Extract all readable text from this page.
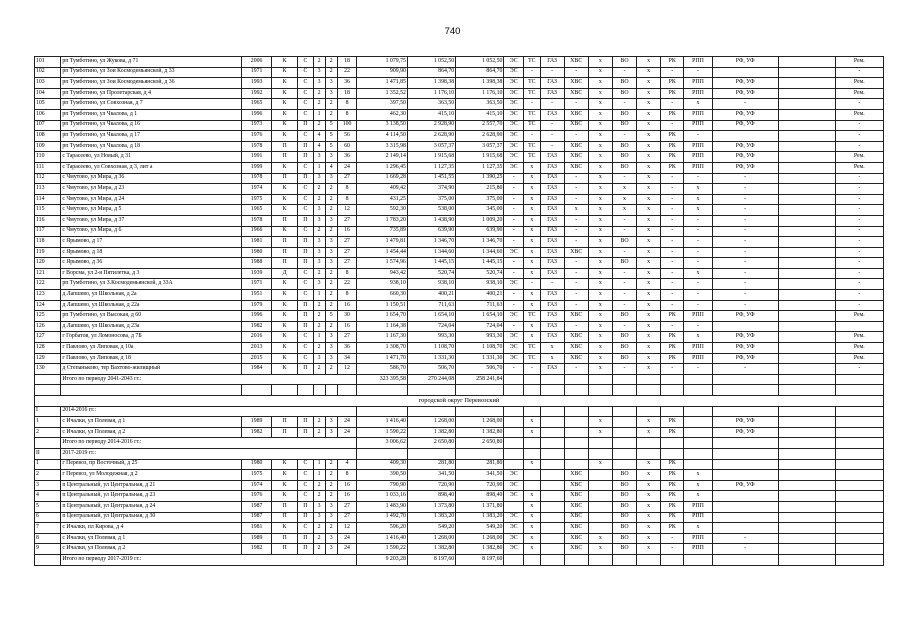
740
101	рп Тумботино, ул Жукова, д 71	2006	К	С	2	2	18	1 079,75	1 052,50	1 052,50	ЭС	ТС	ГАЗ	ХВС	х	ВО	х	РК	РПП	РФ, УФ		Рем.
102	рп Тумботино, ул Зои Космодемьянской, д 33	1971	К	С	3	2	22	909,90	864,70	864,70	ЭС	-	-	-	х	-	х	-	-			-
103	рп Тумботино, ул Зои Космодемьянской, д 36	1993	К	С	3	3	36	1 471,85	1 398,38	1 398,38	ЭС	ТС	ГАЗ	ХВС	х	ВО	х	РК	РПП	РФ, УФ		Рем.
104	рп Тумботино, ул Пролетарская, д 4	1992	К	С	2	3	18	1 352,52	1 176,10	1 176,10	ЭС	ТС	ГАЗ	ХВС	х	ВО	х	РК	РПП	РФ, УФ		Рем.
105	рп Тумботино, ул Совхозная, д 7	1965	К	С	2	2	8	397,50	363,50	363,50	ЭС	-	-	-	х	-	х	-	х	-		-
106	рп Тумботино, ул Чкалова, д 1	1996	К	С	1	2	8	462,30	415,10	415,10	ЭС	ТС	ГАЗ	ХВС	х	ВО	х	РК	РПП	РФ, УФ		Рем.
107	рп Тумботино, ул Чкалова, д 16	1973	К	П	2	5	100	3 138,50	2 928,90	2 557,70	ЭС	ТС	-	ХВС	х	ВО	х	-	РПП	РФ, УФ		-
108	рп Тумботино, ул Чкалова, д 17	1976	К	С	4	5	56	4 114,50	2 628,90	2 628,90	ЭС	-	-	-	х	-	х	РК	-			-
109	рп Тумботино, ул Чкалова, д 18	1978	П	П	4	5	60	3 315,98	3 057,37	3 057,37	ЭС	ТС	-	ХВС	х	ВО	х	РК	РПП	РФ, УФ		-
110	с Тарасеево, ул Новый, д 31	1991	П	П	3	3	36	2 149,14	1 915,68	1 915,68	ЭС	ТС	ГАЗ	ХВС	х	ВО	х	РК	РПП	РФ, УФ		Рем.
111	с Тарасеево, ул Совхозная, д 3, лит а	1999	К	С	1	4	24	1 296,45	1 127,35	1 127,35	ЭС	х	ГАЗ	ХВС	х	ВО	х	РК	РПП	РФ, УФ		Рем.
112	с Чмутово, ул Мира, д 36	1978	П	П	3	3	27	1 669,28	1 451,55	1 390,25	-	х	ГАЗ	-	х	-	х	-	-	-		-
113	с Чмутово, ул Мира, д 23	1974	К	С	2	2	8	409,42	374,90	215,80	-	х	ГАЗ	-	х	х	х	-	х	-		-
114	с Чмутово, ул Мира, д 24	1975	К	С	2	2	8	431,25	375,00	375,00	-	х	ГАЗ	-	х	х	х	-	х	-		-
115	с Чмутово, ул Мира, д 5	1965	К	С	3	2	12	592,30	538,00	345,00	-	х	ГАЗ	х	х	х	х	-	х	-		-
116	с Чмутово, ул Мира, д 37	1978	П	П	3	3	27	1 783,20	1 438,90	1 009,20	-	х	ГАЗ	-	х	-	х	-	-	-		-
117	с Чмутово, ул Мира, д 6	1966	К	С	2	2	16	735,89	639,90	639,90	-	х	ГАЗ	-	х	-	х	-	-	-		-
118	с Ярымово, д 17	1981	П	П	3	3	27	1 479,81	1 346,70	1 346,70	-	х	ГАЗ	-	х	ВО	х	-	-	-		-
119	с Ярымово, д 18	1980	П	П	3	3	27	1 454,44	1 344,60	1 344,60	ЭС	х	ГАЗ	ХВС	х	-	х	-	-	-		-
120	с Ярымово, д 36	1988	П	П	3	3	27	1 574,96	1 445,15	1 445,15	-	х	ГАЗ	-	х	ВО	х	-	-	-		-
121	г Ворсма, ул 2-я Пятилетка, д 3	1939	Д	С	2	2	8	943,42	520,74	520,74	-	х	ГАЗ	-	х	-	х	-	х	-		-
122	рп Тумботино, ул З.Космодемьянской, д 33А	1971	К	С	3	2	22	938,10	938,10	938,10	ЭС	-	-	-	х	-	х	-	-	-		-
123	д Лапшево, ул Школьная, д 2а	1951	К	С	1	2	8	660,30	400,21	400,21	-	х	ГАЗ	-	х	-	х	-	-	-		-
124	д Лапшево, ул Школьная, д 22а	1979	К	П	2	2	16	1 150,51	711,63	711,63	-	х	ГАЗ	-	х	-	х	-	-	-		-
125	рп Тумботино, ул Высокая, д 60	1996	К	П	2	5	30	1 654,70	1 654,10	1 654,10	ЭС	ТС	ГАЗ	ХВС	х	ВО	х	РК	РПП	РФ, УФ		Рем.
126	д Лапшево, ул Школьная, д 23а	1982	К	П	2	2	16	1 164,38	724,04	724,04	-	х	ГАЗ	-	х	-	х	-	-			
127	г Горбатов, ул Ломоносова, д 7Б	2016	К	С	1	3	27	1 167,30	993,30	993,30	ЭС	х	ГАЗ	ХВС	х	ВО	х	РК	х	РФ, УФ		Рем.
128	г Павлово, ул Липовая, д 10а	2013	К	С	2	3	36	1 308,70	1 108,70	1 108,70	ЭС	ТС	х	ХВС	х	ВО	х	РК	РПП	РФ, УФ		Рем.
129	г Павлово, ул Липовая, д 18	2015	К	С	3	3	34	1 471,70	1 331,30	1 331,30	ЭС	ТС	х	ХВС	х	ВО	х	РК	РПП	РФ, УФ		Рем.
130	д Степаньково, тер Вахтово-жилищный	1984	К	П	2	2	12	586,70	506,70	506,70	-	-	ГАЗ	-	х	-	х	-	-	-		-
	Итого по периоду 2041-2043 гг.:							323 395,58	270 244,08	258 241,84												

городской округ Перевозский																						
I	2014-2016 гг.:																					
1	с Ичалки, ул Полевая, д 1	1989	П	П	2	3	24	1 416,40	1 268,00	1 268,00		х			х		х	РК		РФ, УФ		
2	с Ичалки, ул Полевая, д 2	1982	П	П	2	3	24	1 590,22	1 382,80	1 382,80		х			х		х	РК		РФ, УФ		
	Итого по периоду 2014-2016 гг.:							3 006,62	2 650,80	2 650,80												
II	2017-2019 гг.:																					
1	г Перевоз, пр Восточный, д 25	1980	К	С	1	2	4	409,30	281,80	281,80		х			х		х	РК				
2	г Перевоз, ул Молодежная, д 2	1975	К	С	1	2	8	390,50	341,50	341,50	ЭС			ХВС		ВО	х	РК	х			
3	п Центральный, ул Центральная, д 21	1974	К	С	2	2	16	790,90	720,90	720,90	ЭС			ХВС		ВО	х	РК	х	РФ, УФ		
4	п Центральный, ул Центральная, д 23	1976	К	С	2	2	16	1 033,16	898,40	898,40	ЭС	х		ХВС		ВО	х	РК	х			
5	п Центральный, ул Центральная, д 24	1987	П	П	3	3	27	1 483,90	1 373,80	1 371,80		х		ХВС		ВО	х	РК	РПП			
6	п Центральный, ул Центральная, д 30	1987	П	П	3	3	27	1 492,70	1 383,20	1 383,20	ЭС	х		ХВС		ВО	х	РК	РПП			
7	с Ичалки, пл Кирова, д 4	1981	К	С	2	2	12	596,20	549,20	549,20	ЭС	х		ХВС		ВО	х	РК	х			
8	с Ичалки, ул Полевая, д 1	1989	П	П	2	3	24	1 416,40	1 268,00	1 268,00	ЭС	х		ХВС	х	ВО	х	-	РПП	-		
9	с Ичалки, ул Полевая, д 2	1982	П	П	2	3	24	1 590,22	1 382,80	1 382,80	ЭС	х		ХВС	х	ВО	х	-	РПП	-		
	Итого по периоду 2017-2019 гг.:							9 203,28	8 197,60	8 197,60												
